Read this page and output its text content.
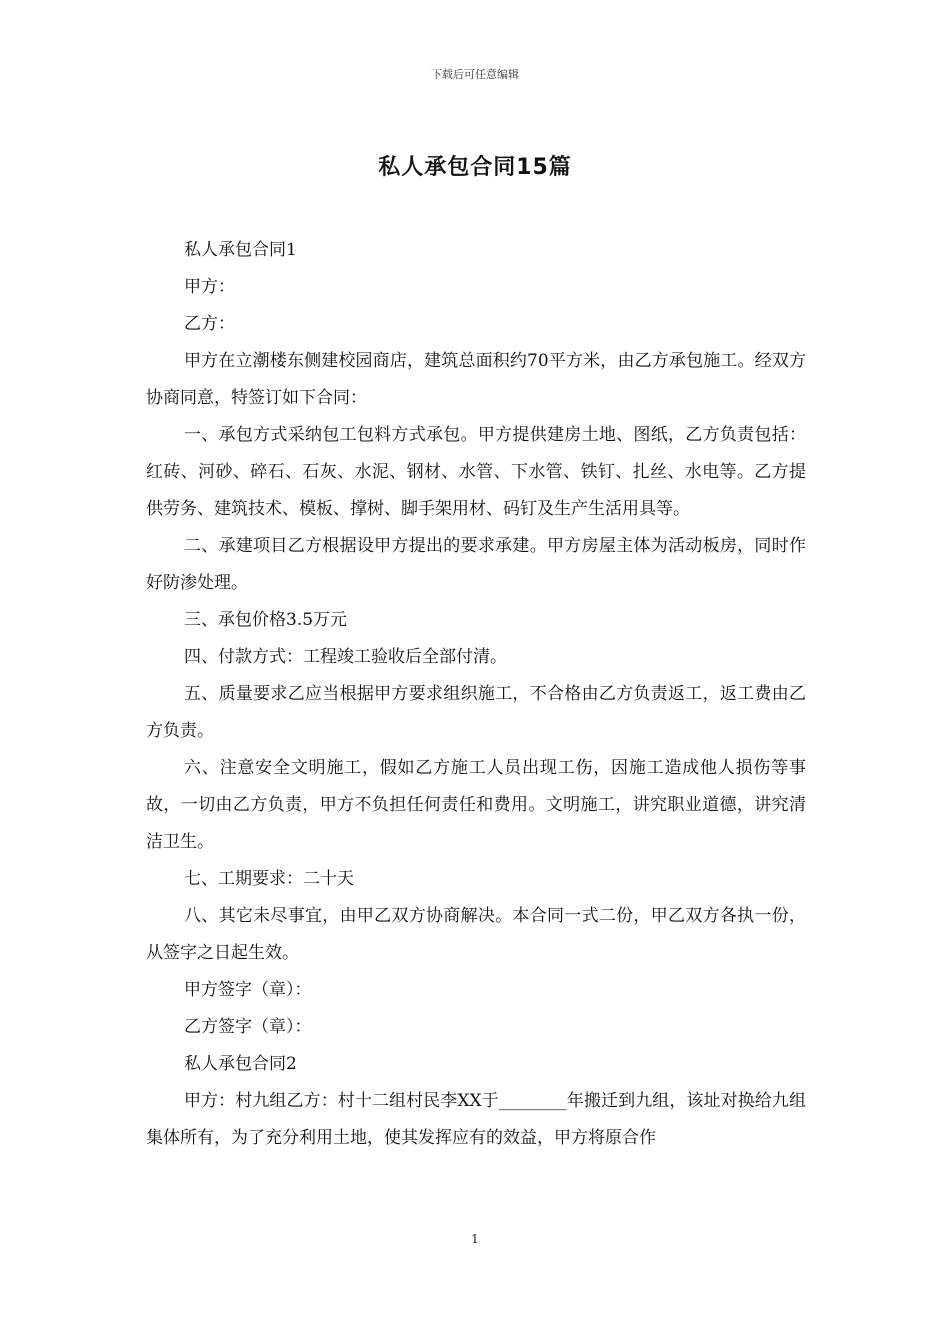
下载后可任意编辑
私人承包合同15篇

私人承包合同1

甲方：

乙方：

甲方在立潮楼东侧建校园商店，建筑总面积约70平方米，由乙方承包施工。经双方协商同意，特签订如下合同：

一、承包方式采纳包工包料方式承包。甲方提供建房土地、图纸，乙方负责包括：红砖、河砂、碎石、石灰、水泥、钢材、水管、下水管、铁钉、扎丝、水电等。乙方提供劳务、建筑技术、模板、撑树、脚手架用材、码钉及生产生活用具等。

二、承建项目乙方根据设甲方提出的要求承建。甲方房屋主体为活动板房，同时作好防渗处理。

三、承包价格3.5万元

四、付款方式：工程竣工验收后全部付清。

五、质量要求乙应当根据甲方要求组织施工，不合格由乙方负责返工，返工费由乙方负责。

六、注意安全文明施工，假如乙方施工人员出现工伤，因施工造成他人损伤等事故，一切由乙方负责，甲方不负担任何责任和费用。文明施工，讲究职业道德，讲究清洁卫生。

七、工期要求：二十天

八、其它未尽事宜，由甲乙双方协商解决。本合同一式二份，甲乙双方各执一份，从签字之日起生效。

甲方签字（章）：

乙方签字（章）：

私人承包合同2

甲方：村九组乙方：村十二组村民李XX于________年搬迁到九组，该址对换给九组集体所有，为了充分利用土地，使其发挥应有的效益，甲方将原合作

1
